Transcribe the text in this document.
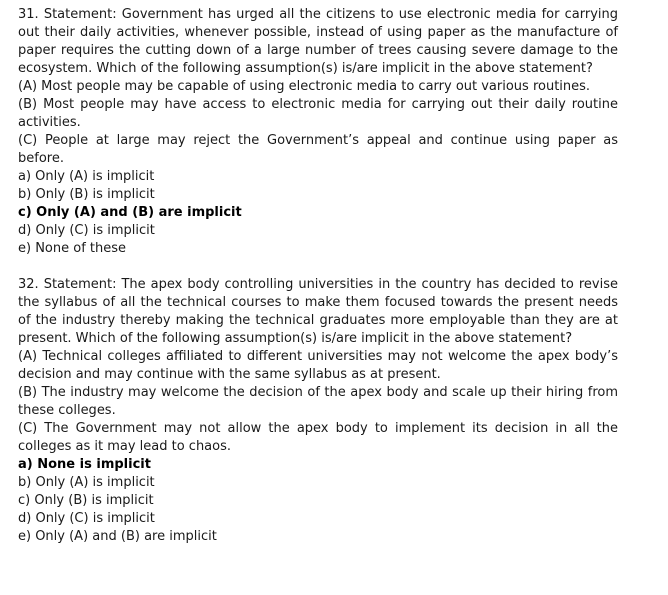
31. Statement: Government has urged all the citizens to use electronic media for carrying out their daily activities, whenever possible, instead of using paper as the manufacture of paper requires the cutting down of a large number of trees causing severe damage to the ecosystem. Which of the following assumption(s) is/are implicit in the above statement?

(A) Most people may be capable of using electronic media to carry out various routines.

(B) Most people may have access to electronic media for carrying out their daily routine activities.

(C) People at large may reject the Government’s appeal and continue using paper as before.

a) Only (A) is implicit

b) Only (B) is implicit

c) Only (A) and (B) are implicit

d) Only (C) is implicit

e) None of these

32. Statement: The apex body controlling universities in the country has decided to revise the syllabus of all the technical courses to make them focused towards the present needs of the industry thereby making the technical graduates more employable than they are at present. Which of the following assumption(s) is/are implicit in the above statement?

(A) Technical colleges affiliated to different universities may not welcome the apex body’s decision and may continue with the same syllabus as at present.

(B) The industry may welcome the decision of the apex body and scale up their hiring from these colleges.

(C) The Government may not allow the apex body to implement its decision in all the colleges as it may lead to chaos.

a) None is implicit

b) Only (A) is implicit

c) Only (B) is implicit

d) Only (C) is implicit

e) Only (A) and (B) are implicit
